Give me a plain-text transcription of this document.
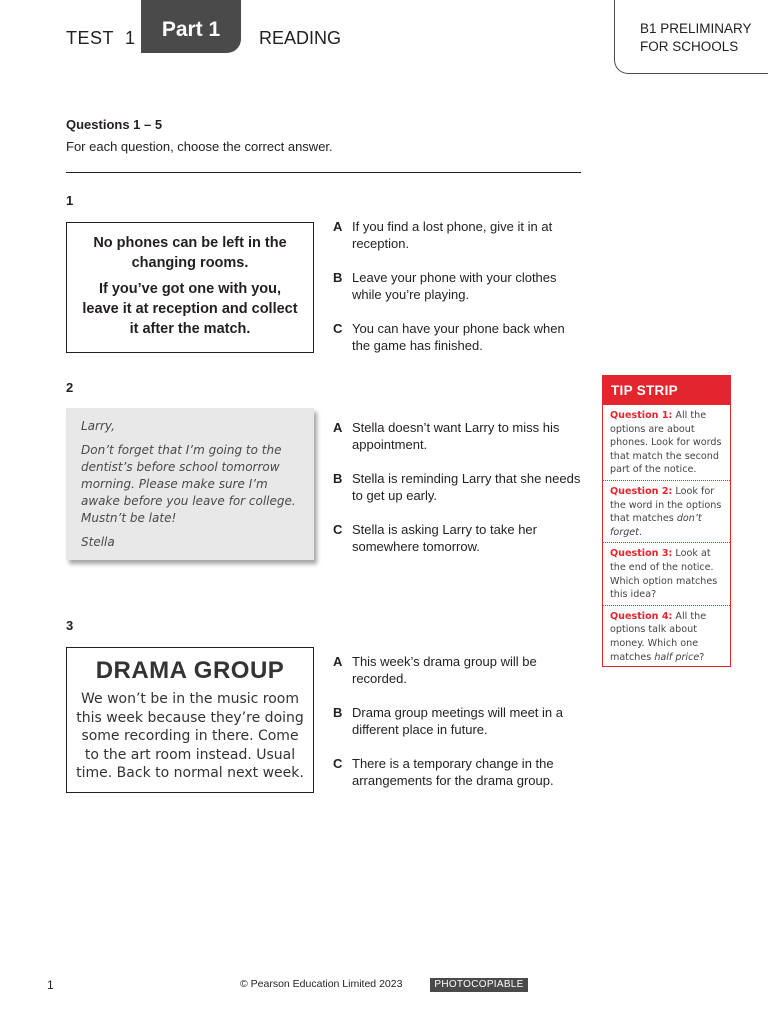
TEST 1	Part 1	READING	B1 PRELIMINARY
FOR SCHOOLS
Questions 1 – 5
For each question, choose the correct answer.
1

No phones can be left in the changing rooms.

If you’ve got one with you, leave it at reception and collect it after the match.

A If you find a lost phone, give it in at reception.
B Leave your phone with your clothes while you’re playing.
C You can have your phone back when the game has finished.
2

Larry,

Don’t forget that I’m going to the dentist’s before school tomorrow morning. Please make sure I’m awake before you leave for college. Mustn’t be late!

Stella

A Stella doesn’t want Larry to miss his appointment.
B Stella is reminding Larry that she needs to get up early.
C Stella is asking Larry to take her somewhere tomorrow.
3
DRAMA GROUP
We won’t be in the music room this week because they’re doing some recording in there. Come to the art room instead. Usual time. Back to normal next week.
A This week’s drama group will be recorded.
B Drama group meetings will meet in a different place in future.
C There is a temporary change in the arrangements for the drama group.
TIP STRIP
Question 1: All the options are about phones. Look for words that match the second part of the notice.
Question 2: Look for the word in the options that matches don’t forget.
Question 3: Look at the end of the notice. Which option matches this idea?
Question 4: All the options talk about money. Which one matches half price?
1	© Pearson Education Limited 2023	PHOTOCOPIABLE
